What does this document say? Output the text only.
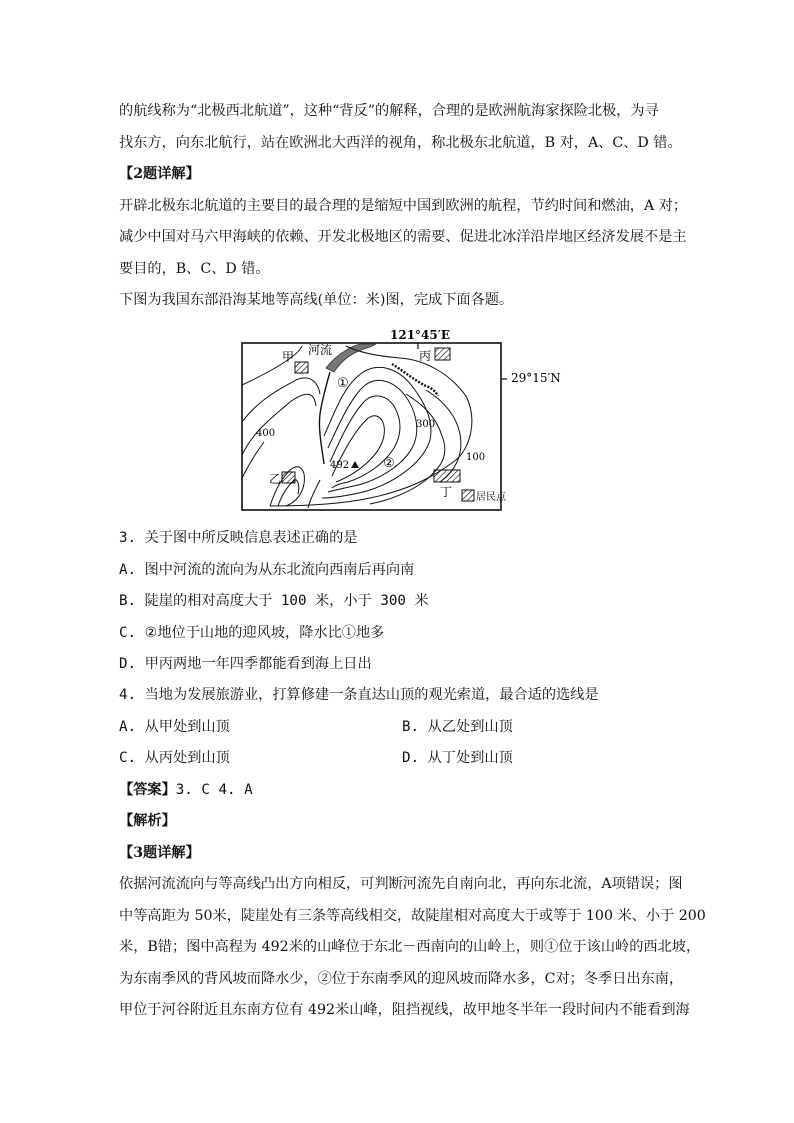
的航线称为“北极西北航道”，这种“背反”的解释，合理的是欧洲航海家探险北极，为寻
找东方，向东北航行，站在欧洲北大西洋的视角，称北极东北航道，B 对，A、C、D 错。
【2题详解】
开辟北极东北航道的主要目的最合理的是缩短中国到欧洲的航程，节约时间和燃油，A 对；
减少中国对马六甲海峡的依赖、开发北极地区的需要、促进北冰洋沿岸地区经济发展不是主
要目的，B、C、D 错。
下图为我国东部沿海某地等高线(单位：米)图，完成下面各题。
121°45′E
29°15′N
河流
甲
乙
丙
丁
①
②
492
400
300
100
居民点
3. 关于图中所反映信息表述正确的是
A. 图中河流的流向为从东北流向西南后再向南
B. 陡崖的相对高度大于 100 米，小于 300 米
C. ②地位于山地的迎风坡，降水比①地多
D. 甲丙两地一年四季都能看到海上日出
4. 当地为发展旅游业，打算修建一条直达山顶的观光索道，最合适的选线是
A. 从甲处到山顶	B. 从乙处到山顶
C. 从丙处到山顶	D. 从丁处到山顶
【答案】3. C 4. A
【解析】
【3题详解】
依据河流流向与等高线凸出方向相反，可判断河流先自南向北，再向东北流，A项错误；图
中等高距为 50米，陡崖处有三条等高线相交，故陡崖相对高度大于或等于 100 米、小于 200
米，B错；图中高程为 492米的山峰位于东北－西南向的山岭上，则①位于该山岭的西北坡，
为东南季风的背风坡而降水少，②位于东南季风的迎风坡而降水多，C对；冬季日出东南，
甲位于河谷附近且东南方位有 492米山峰，阻挡视线，故甲地冬半年一段时间内不能看到海
